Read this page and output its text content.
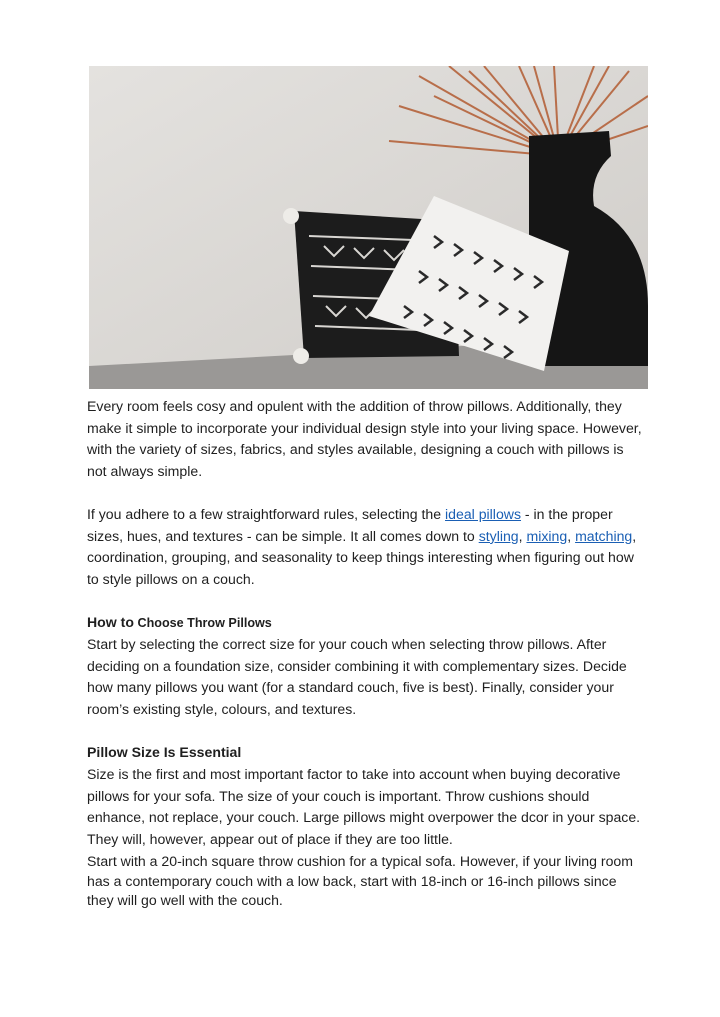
Every room feels cosy and opulent with the addition of throw pillows. Additionally, they make it simple to incorporate your individual design style into your living space. However, with the variety of sizes, fabrics, and styles available, designing a couch with pillows is not always simple.

If you adhere to a few straightforward rules, selecting the ideal pillows - in the proper sizes, hues, and textures - can be simple. It all comes down to styling, mixing, matching, coordination, grouping, and seasonality to keep things interesting when figuring out how to style pillows on a couch.

How to Choose Throw Pillows

Start by selecting the correct size for your couch when selecting throw pillows. After deciding on a foundation size, consider combining it with complementary sizes. Decide how many pillows you want (for a standard couch, five is best). Finally, consider your room’s existing style, colours, and textures.

Pillow Size Is Essential

Size is the first and most important factor to take into account when buying decorative pillows for your sofa. The size of your couch is important. Throw cushions should enhance, not replace, your couch. Large pillows might overpower the dcor in your space. They will, however, appear out of place if they are too little.

Start with a 20-inch square throw cushion for a typical sofa. However, if your living room has a contemporary couch with a low back, start with 18-inch or 16-inch pillows since they will go well with the couch.
